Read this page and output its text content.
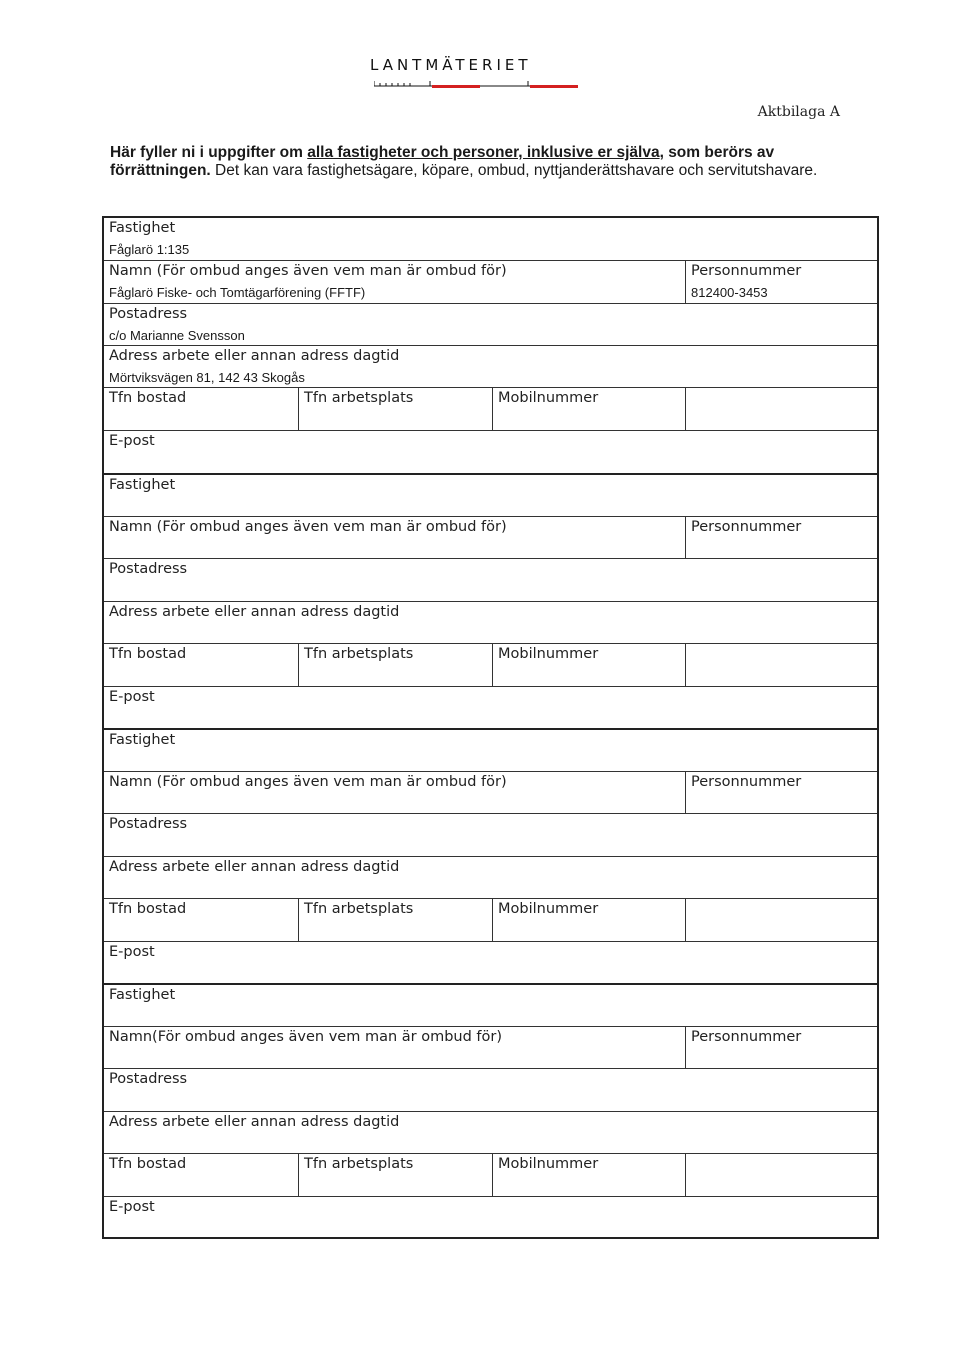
LANTMÄTERIET
Aktbilaga A
Här fyller ni i uppgifter om alla fastigheter och personer, inklusive er själva, som berörs av förrättningen. Det kan vara fastighetsägare, köpare, ombud, nyttjanderättshavare och servitutshavare.
Fastighet
Fåglarö 1:135
Namn (För ombud anges även vem man är ombud för)
Fåglarö Fiske- och Tomtägarförening (FFTF)
Personnummer
812400-3453
Postadress
c/o Marianne Svensson
Adress arbete eller annan adress dagtid
Mörtviksvägen 81, 142 43 Skogås
Tfn bostad	Tfn arbetsplats	Mobilnummer
E-post
Fastighet
Namn (För ombud anges även vem man är ombud för)	Personnummer
Postadress
Adress arbete eller annan adress dagtid
Tfn bostad	Tfn arbetsplats	Mobilnummer
E-post
Fastighet
Namn (För ombud anges även vem man är ombud för)	Personnummer
Postadress
Adress arbete eller annan adress dagtid
Tfn bostad	Tfn arbetsplats	Mobilnummer
E-post
Fastighet
Namn(För ombud anges även vem man är ombud för)	Personnummer
Postadress
Adress arbete eller annan adress dagtid
Tfn bostad	Tfn arbetsplats	Mobilnummer
E-post
